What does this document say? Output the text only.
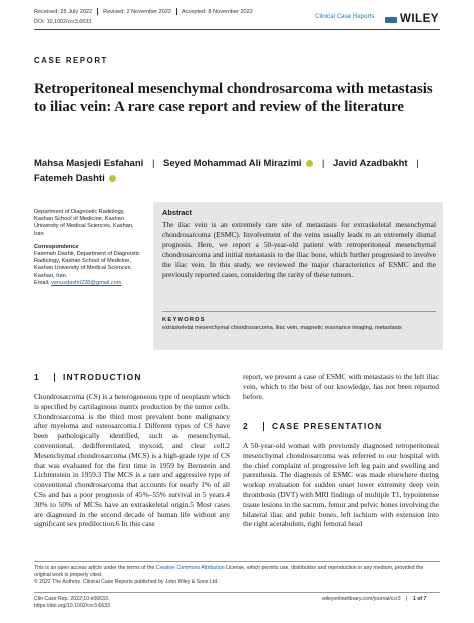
Received: 25 July 2022 Revised: 2 November 2022 Accepted: 8 November 2022
DOI: 10.1002/ccr3.6633
Clinical Case Reports WILEY
CASE REPORT
Retroperitoneal mesenchymal chondrosarcoma with metastasis to iliac vein: A rare case report and review of the literature
Mahsa Masjedi Esfahani | Seyed Mohammad Ali Mirazimi | Javid Azadbakht |
Fatemeh Dashti
Department of Diagnostic Radiology, Kashan School of Medicine, Kashan University of Medical Sciences, Kashan, Iran
Correspondence
Fatemeh Dashti, Department of Diagnostic Radiology, Kashan School of Medicine, Kashan University of Medical Sciences, Kashan, Iran.
Email: venusdashti228@gmail.com
Abstract
The iliac vein is an extremely rare site of metastasis for extraskeletal mesenchymal chondrosarcoma (ESMC). Involvement of the veins usually leads to an extremely dismal prognosis. Here, we report a 50-year-old patient with retroperitoneal mesenchymal chondrosarcoma and initial metastasis to the iliac bone, which further progressed to involve the iliac vein. In this study, we reviewed the major characteristics of ESMC and the previously reported cases, considering the rarity of these tumors.
KEYWORDS
extraskeletal mesenchymal chondrosarcoma, iliac vein, magnetic resonance imaging, metastasis
1	INTRODUCTION
Chondrosarcoma (CS) is a heterogeneous type of neoplasm which is specified by cartilaginous matrix production by the tumor cells. Chondrosarcoma is the third most prevalent bone malignancy after myeloma and osteosarcoma.1 Different types of CS have been pathologically identified, such as mesenchymal, conventional, dedifferentiated, myxoid, and clear cell.2 Mesenchymal chondrosarcoma (MCS) is a high-grade type of CS that was evaluated for the first time in 1959 by Bernstein and Lichtenstein in 1959.3 The MCS is a rare and aggressive type of conventional chondrosarcoma that accounts for nearly 1% of all CSs and has a poor prognosis of 45%–55% survival in 5 years.4 30% to 50% of MCSs have an extraskeletal origin.5 Most cases are diagnosed in the second decade of human life without any significant sex predilection.6 In this case
report, we present a case of ESMC with metastasis to the left iliac vein, which to the best of our knowledge, has not been reported before.
2	CASE PRESENTATION
A 50-year-old woman with previously diagnosed retroperitoneal mesenchymal chondrosarcoma was referred to our hospital with the chief complaint of progressive left leg pain and swelling and paresthesia. The diagnosis of ESMC was made elsewhere during workup evaluation for sudden onset lower extremity deep vein thrombosis (DVT) with MRI findings of multiple T1, hypointense tissue lesions in the sacrum, femur and pelvic bones involving the bilateral iliac and pubic bones, left ischium with extension into the right acetabulum, right femoral head
This is an open access article under the terms of the Creative Commons Attribution License, which permits use, distribution and reproduction in any medium, provided the original work is properly cited.
© 2022 The Authors. Clinical Case Reports published by John Wiley & Sons Ltd.
Clin Case Rep. 2022;10:e06633.
https://doi.org/10.1002/ccr3.6633
wileyonlinelibrary.com/journal/ccr3 | 1 of 7
